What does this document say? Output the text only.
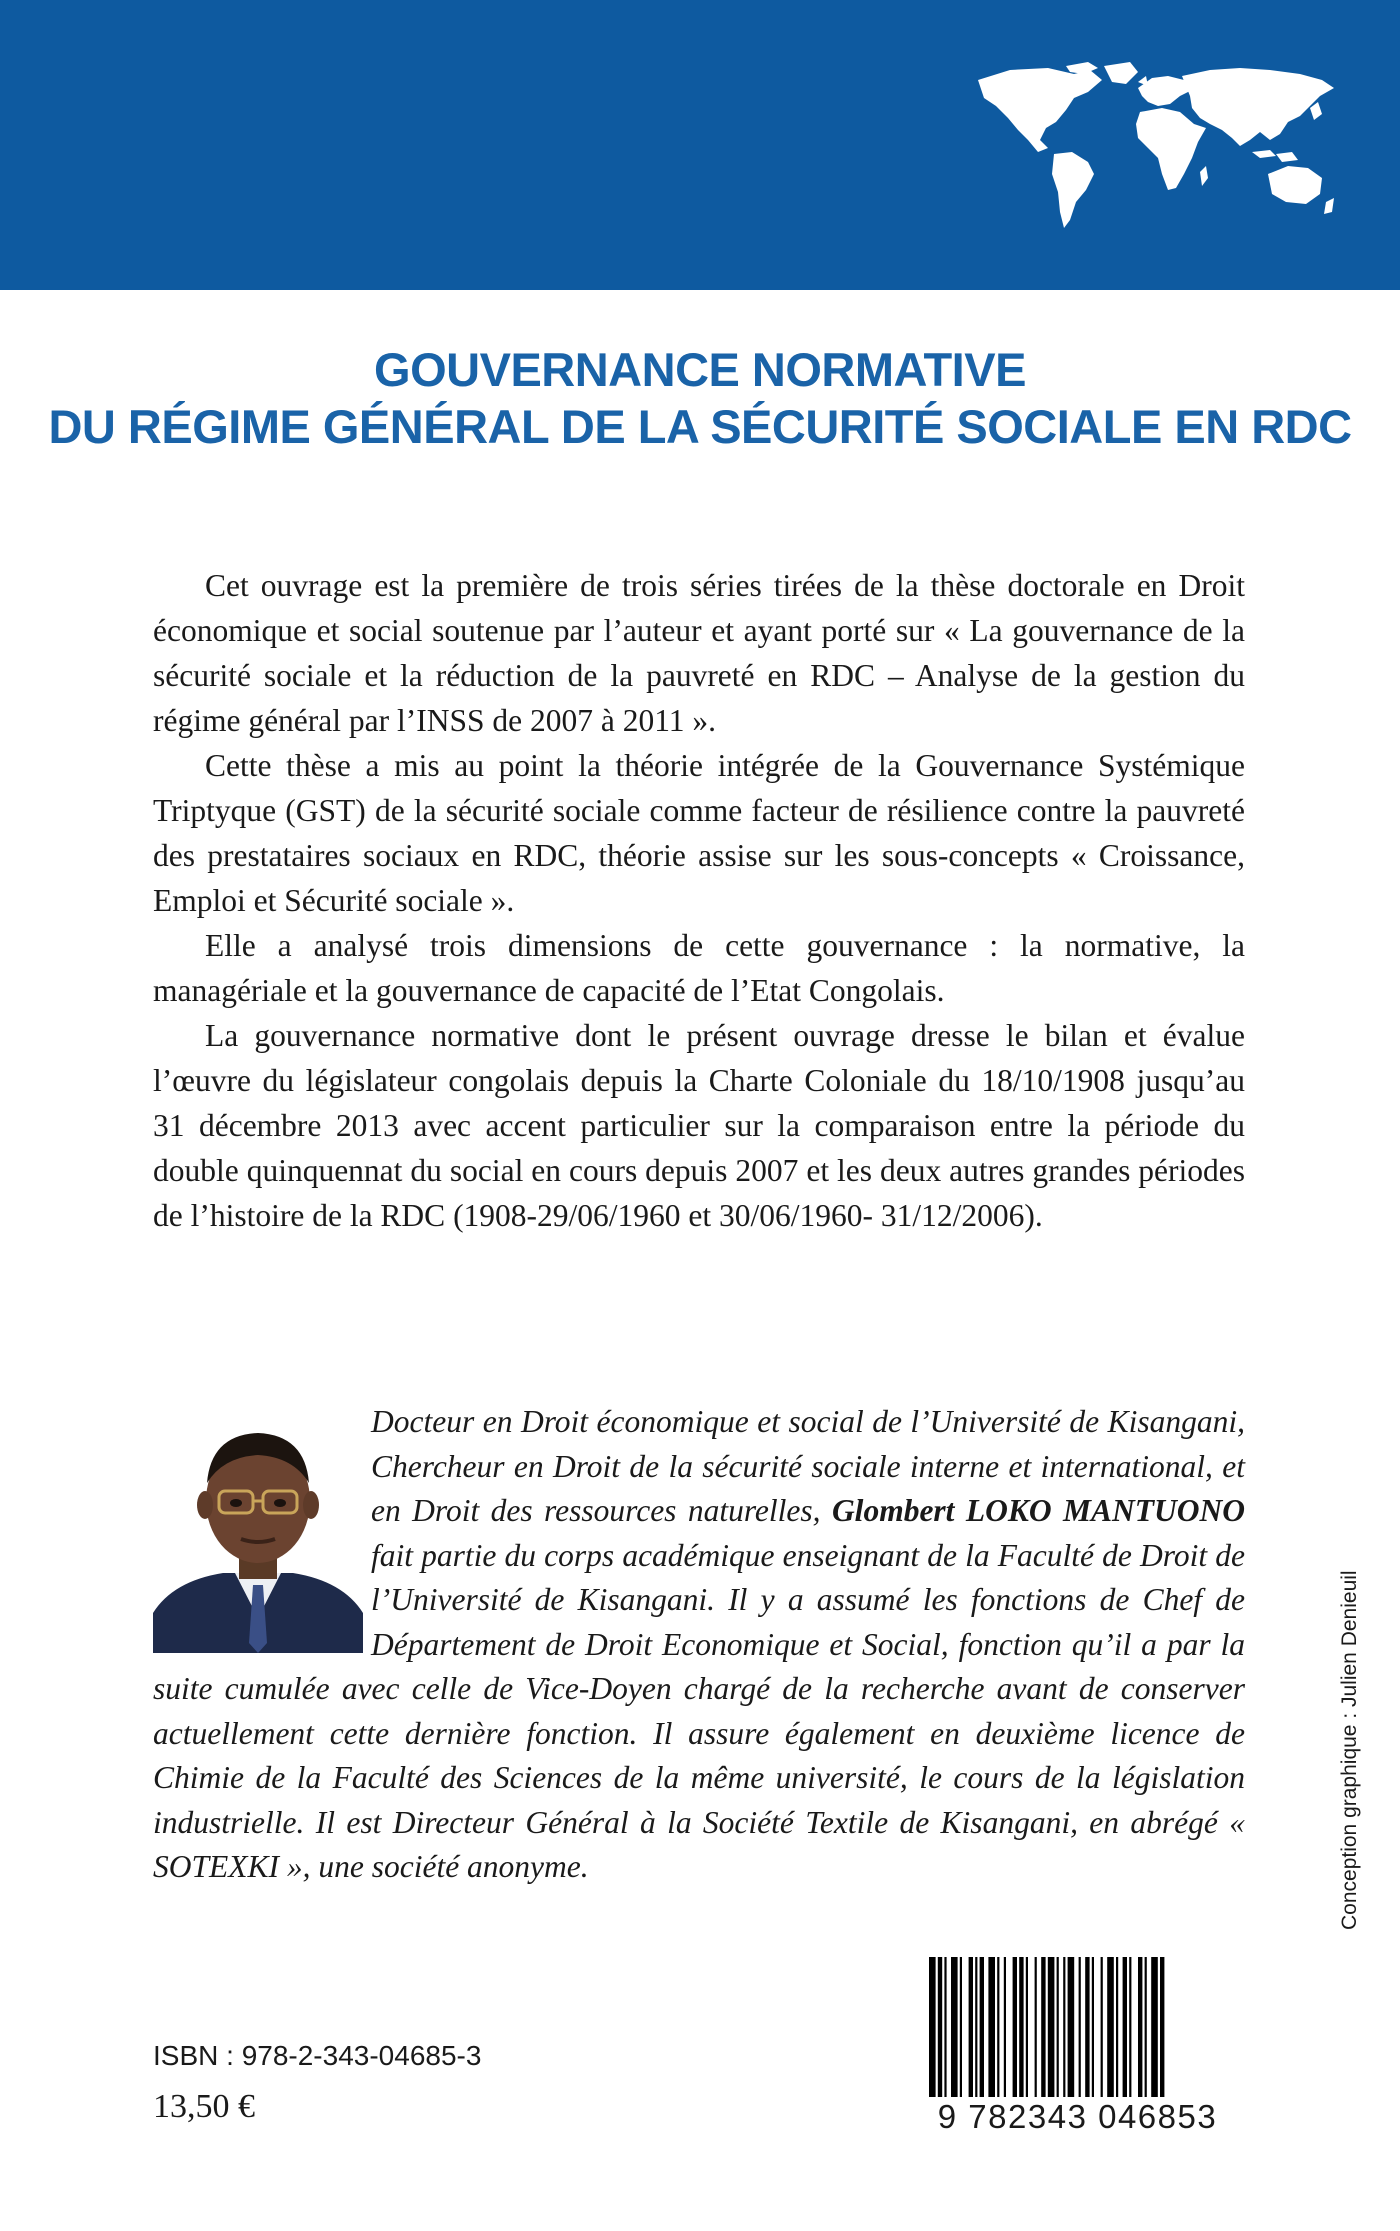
GOUVERNANCE NORMATIVE
DU RÉGIME GÉNÉRAL DE LA SÉCURITÉ SOCIALE EN RDC

Cet ouvrage est la première de trois séries tirées de la thèse doctorale en Droit économique et social soutenue par l’auteur et ayant porté sur « La gouvernance de la sécurité sociale et la réduction de la pauvreté en RDC – Analyse de la gestion du régime général par l’INSS de 2007 à 2011 ».

Cette thèse a mis au point la théorie intégrée de la Gouvernance Systémique Triptyque (GST) de la sécurité sociale comme facteur de résilience contre la pauvreté des prestataires sociaux en RDC, théorie assise sur les sous-concepts « Croissance, Emploi et Sécurité sociale ».

Elle a analysé trois dimensions de cette gouvernance : la normative, la managériale et la gouvernance de capacité de l’Etat Congolais.

La gouvernance normative dont le présent ouvrage dresse le bilan et évalue l’œuvre du législateur congolais depuis la Charte Coloniale du 18/10/1908 jusqu’au 31 décembre 2013 avec accent particulier sur la comparaison entre la période du double quinquennat du social en cours depuis 2007 et les deux autres grandes périodes de l’histoire de la RDC (1908-29/06/1960 et 30/06/1960- 31/12/2006).

Docteur en Droit économique et social de l’Université de Kisangani, Chercheur en Droit de la sécurité sociale interne et international, et en Droit des ressources naturelles, Glombert LOKO MANTUONO fait partie du corps académique enseignant de la Faculté de Droit de l’Université de Kisangani. Il y a assumé les fonctions de Chef de Département de Droit Economique et Social, fonction qu’il a par la suite cumulée avec celle de Vice-Doyen chargé de la recherche avant de conserver actuellement cette dernière fonction. Il assure également en deuxième licence de Chimie de la Faculté des Sciences de la même université, le cours de la législation industrielle. Il est Directeur Général à la Société Textile de Kisangani, en abrégé « SOTEXKI », une société anonyme.

ISBN : 978-2-343-04685-3
13,50 €	9 782343 046853
Conception graphique : Julien Denieuil
